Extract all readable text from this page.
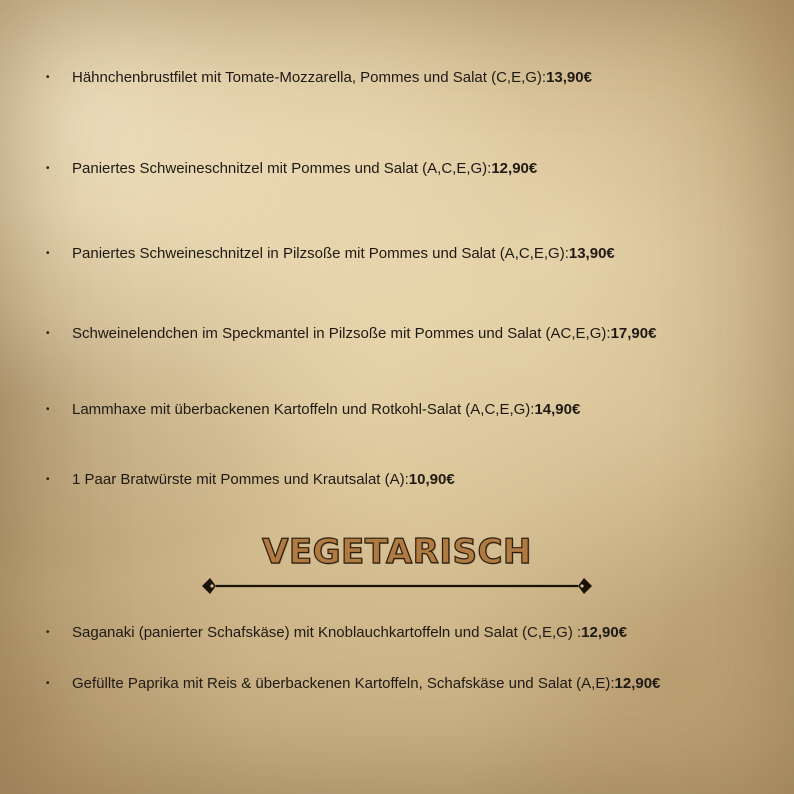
•	Hähnchenbrustfilet mit Tomate-Mozzarella, Pommes und Salat (C,E,G): 13,90€
•	Paniertes Schweineschnitzel mit Pommes und Salat (A,C,E,G): 12,90€
•	Paniertes Schweineschnitzel in Pilzsoße mit Pommes und Salat (A,C,E,G): 13,90€
•	Schweinelendchen im Speckmantel in Pilzsoße mit Pommes und Salat (AC,E,G): 17,90€
•	Lammhaxe mit überbackenen Kartoffeln und Rotkohl-Salat (A,C,E,G): 14,90€
•	1 Paar Bratwürste mit Pommes und Krautsalat (A): 10,90€
VEGETARISCH
•	Saganaki (panierter Schafskäse) mit Knoblauchkartoffeln und Salat (C,E,G) : 12,90€
•	Gefüllte Paprika mit Reis & überbackenen Kartoffeln, Schafskäse und Salat (A,E): 12,90€
